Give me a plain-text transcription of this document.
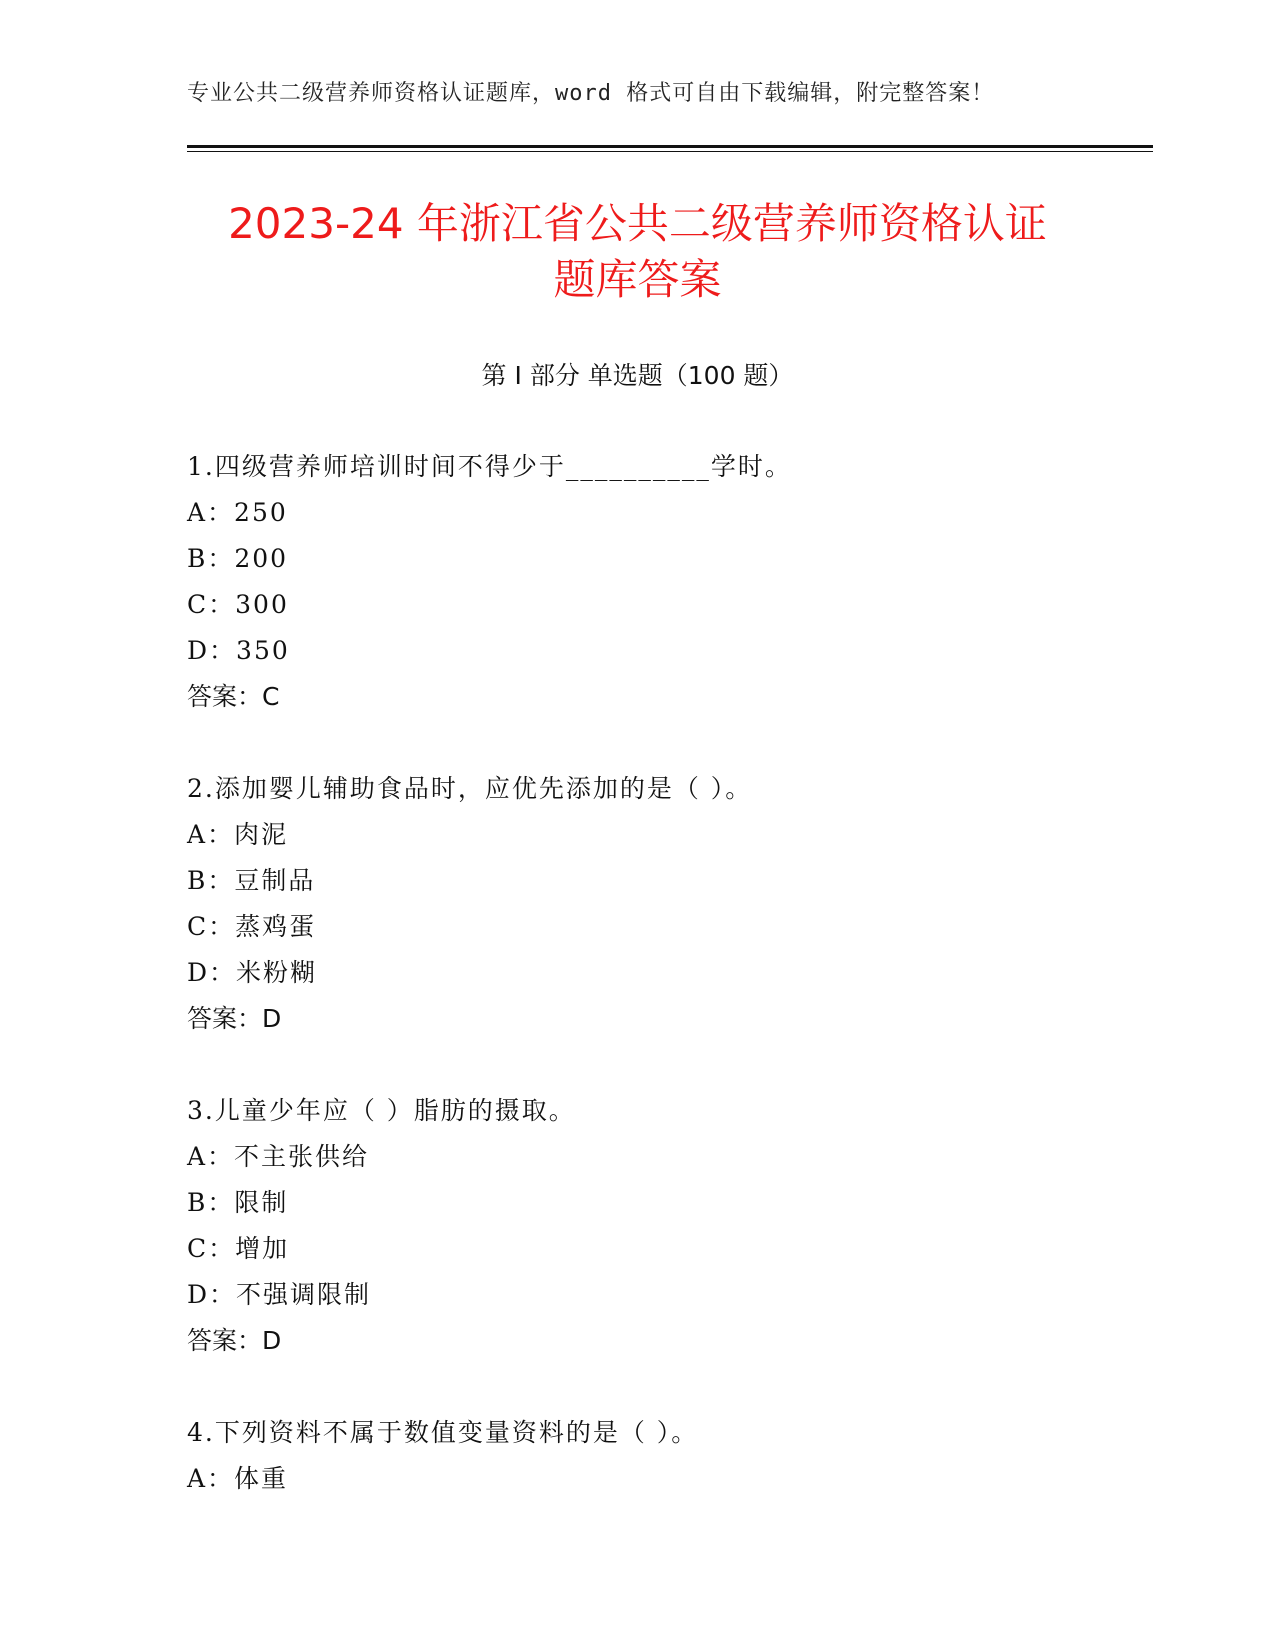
专业公共二级营养师资格认证题库，word 格式可自由下载编辑，附完整答案！
2023-24 年浙江省公共二级营养师资格认证
题库答案
第 I 部分 单选题（100 题）
1.四级营养师培训时间不得少于__________学时。
A：250
B：200
C：300
D：350
答案：C
2.添加婴儿辅助食品时，应优先添加的是（ ）。
A：肉泥
B：豆制品
C：蒸鸡蛋
D：米粉糊
答案：D
3.儿童少年应（ ）脂肪的摄取。
A：不主张供给
B：限制
C：增加
D：不强调限制
答案：D
4.下列资料不属于数值变量资料的是（ ）。
A：体重
